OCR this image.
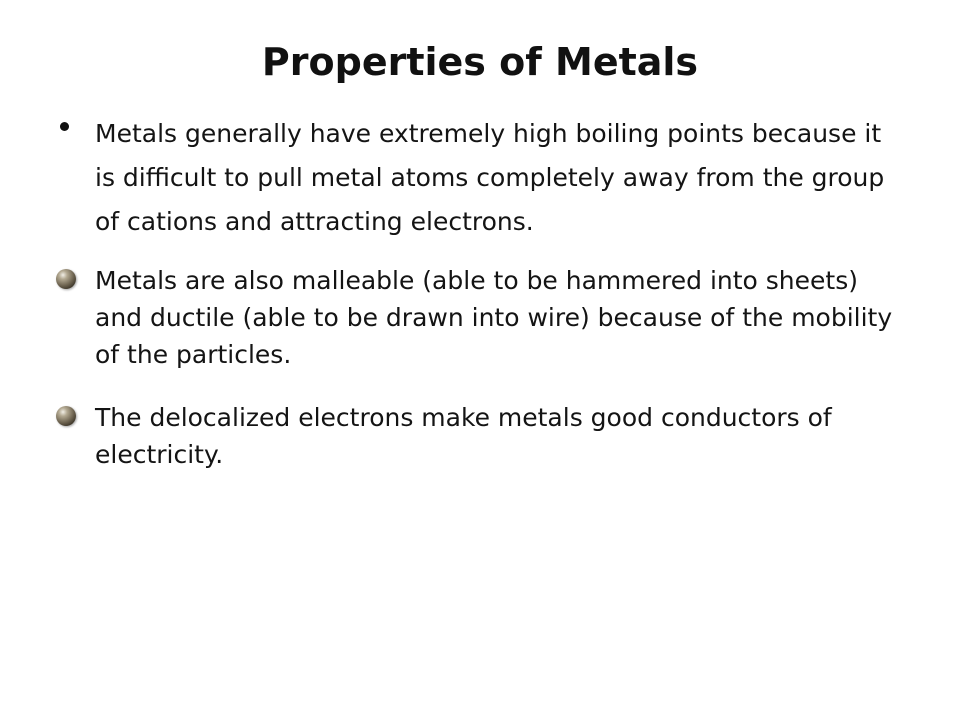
Properties of Metals
Metals generally have extremely high boiling points because it is difficult to pull metal atoms completely away from the group of cations and attracting electrons.
Metals are also malleable (able to be hammered into sheets) and ductile (able to be drawn into wire) because of the mobility of the particles.
The delocalized electrons make metals good conductors of electricity.
